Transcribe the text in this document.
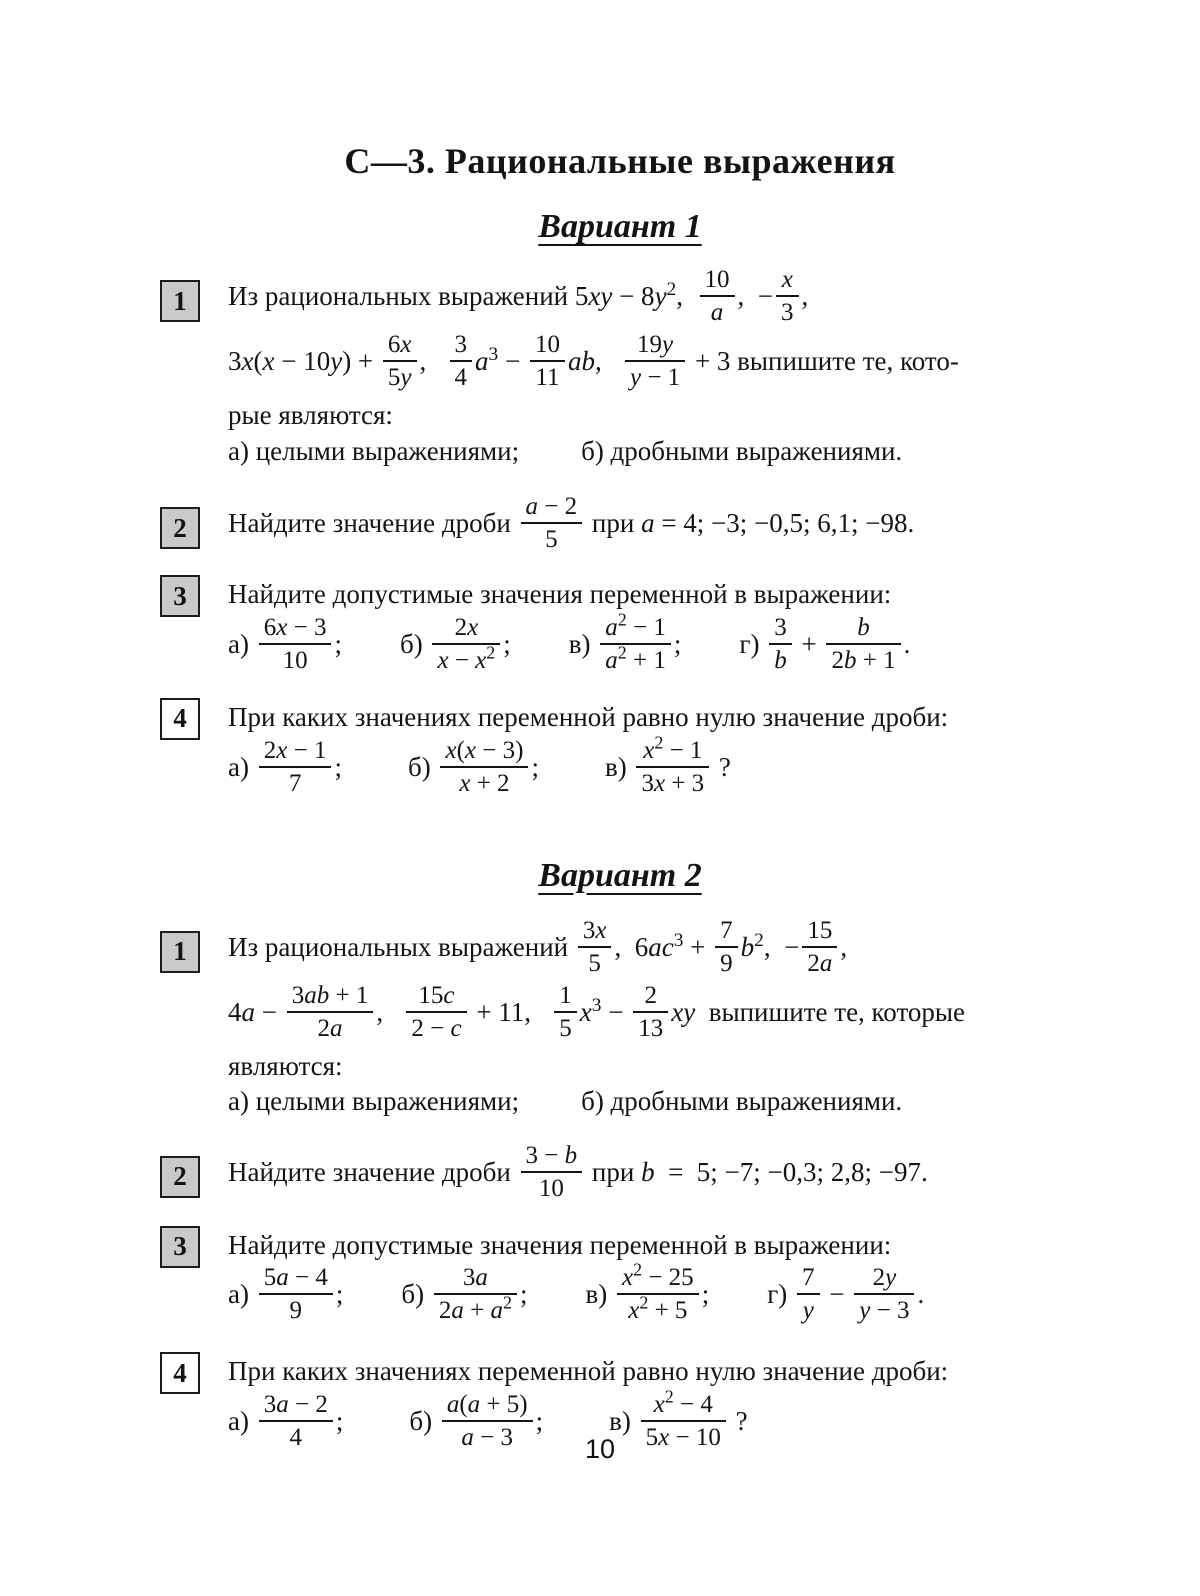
С—3. Рациональные выражения
Вариант 1
1	Из рациональных выражений $5xy - 8y^2$, $\frac{10}{a}$ ,  − $\frac{x}{3}$ ,
$3x(x - 10y) + \frac{6x}{5y}$ , $\frac{3}{4} a^3 - \frac{10}{11}$ ab, $\frac{19y}{y - 1} + 3$ выпишите те, кото-
рые являются:
а) целыми выражениями; б) дробными выражениями.
2	Найдите значение дроби $\frac{a - 2}{5}$ при a = 4; −3; −0,5; 6,1; −98.
3	Найдите допустимые значения переменной в выражении:
$а) \frac{6x - 3}{10}$ ; $б) \frac{2x}{x - x^2}$ ; $в) \frac{a^2 - 1}{a^2 + 1}$ ; $г) \frac{3}{b} + \frac{b}{2b + 1}$ .
4	При каких значениях переменной равно нулю значение дроби:
$а) \frac{2x - 1}{7}$ ; $б) \frac{x(x - 3)}{x + 2}$ ; $в) \frac{x^2 - 1}{3x + 3}$ ?
Вариант 2
1	Из рациональных выражений $\frac{3x}{5}$ ,  $6ac^3 + \frac{7}{9} b^2$,  − $\frac{15}{2a}$ ,
$4a - \frac{3ab + 1}{2a}$ , $\frac{15c}{2 - c} + 11$, $\frac{1}{5} x^3 - \frac{2}{13}$ xy выпишите те, которые
являются:
а) целыми выражениями; б) дробными выражениями.
2	Найдите значение дроби $\frac{3 - b}{10}$ при b  =  5; −7; −0,3; 2,8; −97.
3	Найдите допустимые значения переменной в выражении:
$а) \frac{5a - 4}{9}$ ; $б) \frac{3a}{2a + a^2}$ ; $в) \frac{x^2 - 25}{x^2 + 5}$ ; $г) \frac{7}{y} - \frac{2y}{y - 3}$ .
4	При каких значениях переменной равно нулю значение дроби:
$а) \frac{3a - 2}{4}$ ; $б) \frac{a(a + 5)}{a - 3}$ ; $в) \frac{x^2 - 4}{5x - 10}$ ?
10
